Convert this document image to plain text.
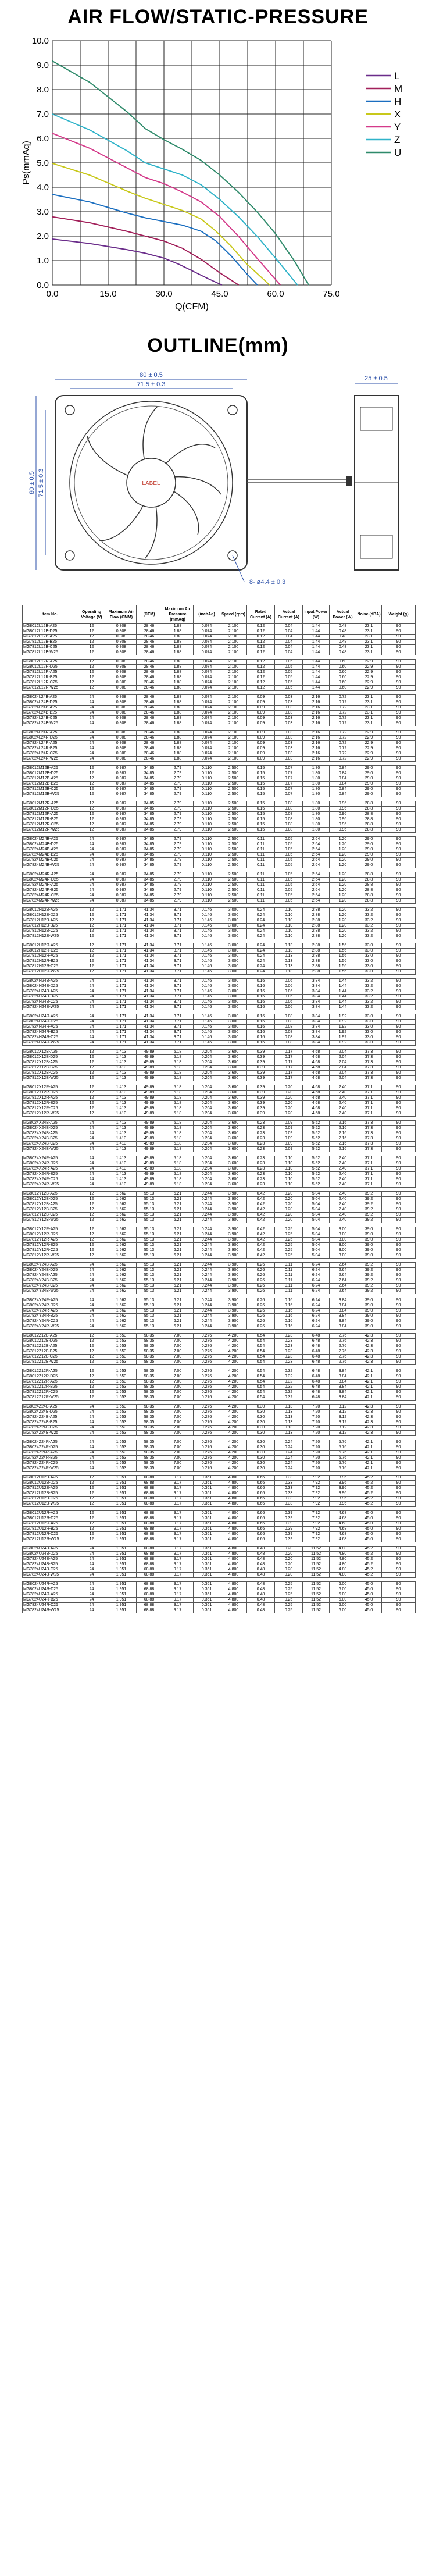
AIR FLOW/STATIC-PRESSURE
0.0
1.0
2.0
3.0
4.0
5.0
6.0
7.0
8.0
9.0
10.0
0.0	15.0	30.0	45.0	60.0	75.0
Q(CFM)
Ps(mmAq)
L
M
H
X
Y
Z
U
OUTLINE(mm)
LABEL
80 ± 0.5
71.5 ± 0.3
80 ± 0.5 71.5 ± 0.3
8- ø4.4 ± 0.3
25 ± 0.5
Item No.	Operating Voltage (V)	Maximum Air Flow (CMM)	(CFM)	Maximum Air Pressure (mmAq)	(inchAq)	Speed (rpm)	Rated Current (A)	Actual Current (A)	Input Power (W)	Actual Power (W)	Noise (dBA)	Weight (g)
MG8012L12B-A25	12	0.808	28.46	1.88	0.074	2,100	0.12	0.04	1.44	0.48	23.1	90
MG8012L12B-D25	12	0.808	28.46	1.88	0.074	2,100	0.12	0.04	1.44	0.48	23.1	90
MG7812L12B-A25	12	0.808	28.46	1.88	0.074	2,100	0.12	0.04	1.44	0.48	23.1	90
MG7812L12B-B25	12	0.808	28.46	1.88	0.074	2,100	0.12	0.04	1.44	0.48	23.1	90
MG7812L12B-C25	12	0.808	28.46	1.88	0.074	2,100	0.12	0.04	1.44	0.48	23.1	90
MG7812L12B-W25	12	0.808	28.46	1.88	0.074	2,100	0.12	0.04	1.44	0.48	23.1	90

MG8012L12R-A25	12	0.808	28.46	1.88	0.074	2,100	0.12	0.05	1.44	0.60	22.9	90
MG8012L12R-D25	12	0.808	28.46	1.88	0.074	2,100	0.12	0.05	1.44	0.60	22.9	90
MG7812L12R-A25	12	0.808	28.46	1.88	0.074	2,100	0.12	0.05	1.44	0.60	22.9	90
MG7812L12R-B25	12	0.808	28.46	1.88	0.074	2,100	0.12	0.05	1.44	0.60	22.9	90
MG7812L12R-C25	12	0.808	28.46	1.88	0.074	2,100	0.12	0.05	1.44	0.60	22.9	90
MG7812L12R-W25	12	0.808	28.46	1.88	0.074	2,100	0.12	0.05	1.44	0.60	22.9	90

MG8024L24B-A25	24	0.808	28.46	1.88	0.074	2,100	0.09	0.03	2.16	0.72	23.1	90
MG8024L24B-D25	24	0.808	28.46	1.88	0.074	2,100	0.09	0.03	2.16	0.72	23.1	90
MG7824L24B-A25	24	0.808	28.46	1.88	0.074	2,100	0.09	0.03	2.16	0.72	23.1	90
MG7824L24B-B25	24	0.808	28.46	1.88	0.074	2,100	0.09	0.03	2.16	0.72	23.1	90
MG7824L24B-C25	24	0.808	28.46	1.88	0.074	2,100	0.09	0.03	2.16	0.72	23.1	90
MG7824L24B-W25	24	0.808	28.46	1.88	0.074	2,100	0.09	0.03	2.16	0.72	23.1	90

MG8024L24R-A25	24	0.808	28.46	1.88	0.074	2,100	0.09	0.03	2.16	0.72	22.9	90
MG8024L24R-D25	24	0.808	28.46	1.88	0.074	2,100	0.09	0.03	2.16	0.72	22.9	90
MG7824L24R-A25	24	0.808	28.46	1.88	0.074	2,100	0.09	0.03	2.16	0.72	22.9	90
MG7824L24R-B25	24	0.808	28.46	1.88	0.074	2,100	0.09	0.03	2.16	0.72	22.9	90
MG7824L24R-C25	24	0.808	28.46	1.88	0.074	2,100	0.09	0.03	2.16	0.72	22.9	90
MG7824L24R-W25	24	0.808	28.46	1.88	0.074	2,100	0.09	0.03	2.16	0.72	22.9	90

MG8012M12B-A25	12	0.987	34.85	2.79	0.110	2,500	0.15	0.07	1.80	0.84	29.0	90
MG8012M12B-D25	12	0.987	34.85	2.79	0.110	2,500	0.15	0.07	1.80	0.84	29.0	90
MG7812M12B-A25	12	0.987	34.85	2.79	0.110	2,500	0.15	0.07	1.80	0.84	29.0	90
MG7812M12B-B25	12	0.987	34.85	2.79	0.110	2,500	0.15	0.07	1.80	0.84	29.0	90
MG7812M12B-C25	12	0.987	34.85	2.79	0.110	2,500	0.15	0.07	1.80	0.84	29.0	90
MG7812M12B-W25	12	0.987	34.85	2.79	0.110	2,500	0.15	0.07	1.80	0.84	29.0	90

MG8012M12R-A25	12	0.987	34.85	2.79	0.110	2,500	0.15	0.08	1.80	0.96	28.8	90
MG8012M12R-D25	12	0.987	34.85	2.79	0.110	2,500	0.15	0.08	1.80	0.96	28.8	90
MG7812M12R-A25	12	0.987	34.85	2.79	0.110	2,500	0.15	0.08	1.80	0.96	28.8	90
MG7812M12R-B25	12	0.987	34.85	2.79	0.110	2,500	0.15	0.08	1.80	0.96	28.8	90
MG7812M12R-C25	12	0.987	34.85	2.79	0.110	2,500	0.15	0.08	1.80	0.96	28.8	90
MG7812M12R-W25	12	0.987	34.85	2.79	0.110	2,500	0.15	0.08	1.80	0.96	28.8	90

MG8024M24B-A25	24	0.987	34.85	2.79	0.110	2,500	0.11	0.05	2.64	1.20	29.0	90
MG8024M24B-D25	24	0.987	34.85	2.79	0.110	2,500	0.11	0.05	2.64	1.20	29.0	90
MG7824M24B-A25	24	0.987	34.85	2.79	0.110	2,500	0.11	0.05	2.64	1.20	29.0	90
MG7824M24B-B25	24	0.987	34.85	2.79	0.110	2,500	0.11	0.05	2.64	1.20	29.0	90
MG7824M24B-C25	24	0.987	34.85	2.79	0.110	2,500	0.11	0.05	2.64	1.20	29.0	90
MG7824M24B-W25	24	0.987	34.85	2.79	0.110	2,500	0.11	0.05	2.64	1.20	29.0	90

MG8024M24R-A25	24	0.987	34.85	2.79	0.110	2,500	0.11	0.05	2.64	1.20	28.8	90
MG8024M24R-D25	24	0.987	34.85	2.79	0.110	2,500	0.11	0.05	2.64	1.20	28.8	90
MG7824M24R-A25	24	0.987	34.85	2.79	0.110	2,500	0.11	0.05	2.64	1.20	28.8	90
MG7824M24R-B25	24	0.987	34.85	2.79	0.110	2,500	0.11	0.05	2.64	1.20	28.8	90
MG7824M24R-C25	24	0.987	34.85	2.79	0.110	2,500	0.11	0.05	2.64	1.20	28.8	90
MG7824M24R-W25	24	0.987	34.85	2.79	0.110	2,500	0.11	0.05	2.64	1.20	28.8	90

MG8012H12B-A25	12	1.171	41.34	3.71	0.146	3,000	0.24	0.10	2.88	1.20	33.2	90
MG8012H12B-D25	12	1.171	41.34	3.71	0.146	3,000	0.24	0.10	2.88	1.20	33.2	90
MG7812H12B-A25	12	1.171	41.34	3.71	0.146	3,000	0.24	0.10	2.88	1.20	33.2	90
MG7812H12B-B25	12	1.171	41.34	3.71	0.146	3,000	0.24	0.10	2.88	1.20	33.2	90
MG7812H12B-C25	12	1.171	41.34	3.71	0.146	3,000	0.24	0.10	2.88	1.20	33.2	90
MG7812H12B-W25	12	1.171	41.34	3.71	0.146	3,000	0.24	0.10	2.88	1.20	33.2	90

MG8012H12R-A25	12	1.171	41.34	3.71	0.146	3,000	0.24	0.13	2.88	1.56	33.0	90
MG8012H12R-D25	12	1.171	41.34	3.71	0.146	3,000	0.24	0.13	2.88	1.56	33.0	90
MG7812H12R-A25	12	1.171	41.34	3.71	0.146	3,000	0.24	0.13	2.88	1.56	33.0	90
MG7812H12R-B25	12	1.171	41.34	3.71	0.146	3,000	0.24	0.13	2.88	1.56	33.0	90
MG7812H12R-C25	12	1.171	41.34	3.71	0.146	3,000	0.24	0.13	2.88	1.56	33.0	90
MG7812H12R-W25	12	1.171	41.34	3.71	0.146	3,000	0.24	0.13	2.88	1.56	33.0	90

MG8024H24B-A25	24	1.171	41.34	3.71	0.146	3,000	0.16	0.06	3.84	1.44	33.2	90
MG8024H24B-D25	24	1.171	41.34	3.71	0.146	3,000	0.16	0.06	3.84	1.44	33.2	90
MG7824H24B-A25	24	1.171	41.34	3.71	0.146	3,000	0.16	0.06	3.84	1.44	33.2	90
MG7824H24B-B25	24	1.171	41.34	3.71	0.146	3,000	0.16	0.06	3.84	1.44	33.2	90
MG7824H24B-C25	24	1.171	41.34	3.71	0.146	3,000	0.16	0.06	3.84	1.44	33.2	90
MG7824H24B-W25	24	1.171	41.34	3.71	0.146	3,000	0.16	0.06	3.84	1.44	33.2	90

MG8024H24R-A25	24	1.171	41.34	3.71	0.146	3,000	0.16	0.08	3.84	1.92	33.0	90
MG8024H24R-D25	24	1.171	41.34	3.71	0.146	3,000	0.16	0.08	3.84	1.92	33.0	90
MG7824H24R-A25	24	1.171	41.34	3.71	0.146	3,000	0.16	0.08	3.84	1.92	33.0	90
MG7824H24R-B25	24	1.171	41.34	3.71	0.146	3,000	0.16	0.08	3.84	1.92	33.0	90
MG7824H24R-C25	24	1.171	41.34	3.71	0.146	3,000	0.16	0.08	3.84	1.92	33.0	90
MG7824H24R-W25	24	1.171	41.34	3.71	0.146	3,000	0.16	0.08	3.84	1.92	33.0	90

MG8012X12B-A25	12	1.413	49.89	5.18	0.204	3,600	0.39	0.17	4.68	2.04	37.3	90
MG8012X12B-D25	12	1.413	49.89	5.18	0.204	3,600	0.39	0.17	4.68	2.04	37.3	90
MG7812X12B-A25	12	1.413	49.89	5.18	0.204	3,600	0.39	0.17	4.68	2.04	37.3	90
MG7812X12B-B25	12	1.413	49.89	5.18	0.204	3,600	0.39	0.17	4.68	2.04	37.3	90
MG7812X12B-C25	12	1.413	49.89	5.18	0.204	3,600	0.39	0.17	4.68	2.04	37.3	90
MG7812X12B-W25	12	1.413	49.89	5.18	0.204	3,600	0.39	0.17	4.68	2.04	37.3	90

MG8012X12R-A25	12	1.413	49.89	5.18	0.204	3,600	0.39	0.20	4.68	2.40	37.1	90
MG8012X12R-D25	12	1.413	49.89	5.18	0.204	3,600	0.39	0.20	4.68	2.40	37.1	90
MG7812X12R-A25	12	1.413	49.89	5.18	0.204	3,600	0.39	0.20	4.68	2.40	37.1	90
MG7812X12R-B25	12	1.413	49.89	5.18	0.204	3,600	0.39	0.20	4.68	2.40	37.1	90
MG7812X12R-C25	12	1.413	49.89	5.18	0.204	3,600	0.39	0.20	4.68	2.40	37.1	90
MG7812X12R-W25	12	1.413	49.89	5.18	0.204	3,600	0.39	0.20	4.68	2.40	37.1	90

MG8024X24B-A25	24	1.413	49.89	5.18	0.204	3,600	0.23	0.09	5.52	2.16	37.3	90
MG8024X24B-D25	24	1.413	49.89	5.18	0.204	3,600	0.23	0.09	5.52	2.16	37.3	90
MG7824X24B-A25	24	1.413	49.89	5.18	0.204	3,600	0.23	0.09	5.52	2.16	37.3	90
MG7824X24B-B25	24	1.413	49.89	5.18	0.204	3,600	0.23	0.09	5.52	2.16	37.3	90
MG7824X24B-C25	24	1.413	49.89	5.18	0.204	3,600	0.23	0.09	5.52	2.16	37.3	90
MG7824X24B-W25	24	1.413	49.89	5.18	0.204	3,600	0.23	0.09	5.52	2.16	37.3	90

MG8024X24R-A25	24	1.413	49.89	5.18	0.204	3,600	0.23	0.10	5.52	2.40	37.1	90
MG8024X24R-D25	24	1.413	49.89	5.18	0.204	3,600	0.23	0.10	5.52	2.40	37.1	90
MG7824X24R-A25	24	1.413	49.89	5.18	0.204	3,600	0.23	0.10	5.52	2.40	37.1	90
MG7824X24R-B25	24	1.413	49.89	5.18	0.204	3,600	0.23	0.10	5.52	2.40	37.1	90
MG7824X24R-C25	24	1.413	49.89	5.18	0.204	3,600	0.23	0.10	5.52	2.40	37.1	90
MG7824X24R-W25	24	1.413	49.89	5.18	0.204	3,600	0.23	0.10	5.52	2.40	37.1	90

MG8012Y12B-A25	12	1.562	55.13	6.21	0.244	3,900	0.42	0.20	5.04	2.40	39.2	90
MG8012Y12B-D25	12	1.562	55.13	6.21	0.244	3,900	0.42	0.20	5.04	2.40	39.2	90
MG7812Y12B-A25	12	1.562	55.13	6.21	0.244	3,900	0.42	0.20	5.04	2.40	39.2	90
MG7812Y12B-B25	12	1.562	55.13	6.21	0.244	3,900	0.42	0.20	5.04	2.40	39.2	90
MG7812Y12B-C25	12	1.562	55.13	6.21	0.244	3,900	0.42	0.20	5.04	2.40	39.2	90
MG7812Y12B-W25	12	1.562	55.13	6.21	0.244	3,900	0.42	0.20	5.04	2.40	39.2	90

MG8012Y12R-A25	12	1.562	55.13	6.21	0.244	3,900	0.42	0.25	5.04	3.00	39.0	90
MG8012Y12R-D25	12	1.562	55.13	6.21	0.244	3,900	0.42	0.25	5.04	3.00	39.0	90
MG7812Y12R-A25	12	1.562	55.13	6.21	0.244	3,900	0.42	0.25	5.04	3.00	39.0	90
MG7812Y12R-B25	12	1.562	55.13	6.21	0.244	3,900	0.42	0.25	5.04	3.00	39.0	90
MG7812Y12R-C25	12	1.562	55.13	6.21	0.244	3,900	0.42	0.25	5.04	3.00	39.0	90
MG7812Y12R-W25	12	1.562	55.13	6.21	0.244	3,900	0.42	0.25	5.04	3.00	39.0	90

MG8024Y24B-A25	24	1.562	55.13	6.21	0.244	3,900	0.26	0.11	6.24	2.64	39.2	90
MG8024Y24B-D25	24	1.562	55.13	6.21	0.244	3,900	0.26	0.11	6.24	2.64	39.2	90
MG7824Y24B-A25	24	1.562	55.13	6.21	0.244	3,900	0.26	0.11	6.24	2.64	39.2	90
MG7824Y24B-B25	24	1.562	55.13	6.21	0.244	3,900	0.26	0.11	6.24	2.64	39.2	90
MG7824Y24B-C25	24	1.562	55.13	6.21	0.244	3,900	0.26	0.11	6.24	2.64	39.2	90
MG7824Y24B-W25	24	1.562	55.13	6.21	0.244	3,900	0.26	0.11	6.24	2.64	39.2	90

MG8024Y24R-A25	24	1.562	55.13	6.21	0.244	3,900	0.26	0.16	6.24	3.84	39.0	90
MG8024Y24R-D25	24	1.562	55.13	6.21	0.244	3,900	0.26	0.16	6.24	3.84	39.0	90
MG7824Y24R-A25	24	1.562	55.13	6.21	0.244	3,900	0.26	0.16	6.24	3.84	39.0	90
MG7824Y24R-B25	24	1.562	55.13	6.21	0.244	3,900	0.26	0.16	6.24	3.84	39.0	90
MG7824Y24R-C25	24	1.562	55.13	6.21	0.244	3,900	0.26	0.16	6.24	3.84	39.0	90
MG7824Y24R-W25	24	1.562	55.13	6.21	0.244	3,900	0.26	0.16	6.24	3.84	39.0	90

MG8012Z12B-A25	12	1.653	58.35	7.00	0.276	4,200	0.54	0.23	6.48	2.76	42.3	90
MG8012Z12B-D25	12	1.653	58.35	7.00	0.276	4,200	0.54	0.23	6.48	2.76	42.3	90
MG7812Z12B-A25	12	1.653	58.35	7.00	0.276	4,200	0.54	0.23	6.48	2.76	42.3	90
MG7812Z12B-B25	12	1.653	58.35	7.00	0.276	4,200	0.54	0.23	6.48	2.76	42.3	90
MG7812Z12B-C25	12	1.653	58.35	7.00	0.276	4,200	0.54	0.23	6.48	2.76	42.3	90
MG7812Z12B-W25	12	1.653	58.35	7.00	0.276	4,200	0.54	0.23	6.48	2.76	42.3	90

MG8012Z12R-A25	12	1.653	58.35	7.00	0.276	4,200	0.54	0.32	6.48	3.84	42.1	90
MG8012Z12R-D25	12	1.653	58.35	7.00	0.276	4,200	0.54	0.32	6.48	3.84	42.1	90
MG7812Z12R-A25	12	1.653	58.35	7.00	0.276	4,200	0.54	0.32	6.48	3.84	42.1	90
MG7812Z12R-B25	12	1.653	58.35	7.00	0.276	4,200	0.54	0.32	6.48	3.84	42.1	90
MG7812Z12R-C25	12	1.653	58.35	7.00	0.276	4,200	0.54	0.32	6.48	3.84	42.1	90
MG7812Z12R-W25	12	1.653	58.35	7.00	0.276	4,200	0.54	0.32	6.48	3.84	42.1	90

MG8024Z24B-A25	24	1.653	58.35	7.00	0.276	4,200	0.30	0.13	7.20	3.12	42.3	90
MG8024Z24B-D25	24	1.653	58.35	7.00	0.276	4,200	0.30	0.13	7.20	3.12	42.3	90
MG7824Z24B-A25	24	1.653	58.35	7.00	0.276	4,200	0.30	0.13	7.20	3.12	42.3	90
MG7824Z24B-B25	24	1.653	58.35	7.00	0.276	4,200	0.30	0.13	7.20	3.12	42.3	90
MG7824Z24B-C25	24	1.653	58.35	7.00	0.276	4,200	0.30	0.13	7.20	3.12	42.3	90
MG7824Z24B-W25	24	1.653	58.35	7.00	0.276	4,200	0.30	0.13	7.20	3.12	42.3	90

MG8024Z24R-A25	24	1.653	58.35	7.00	0.276	4,200	0.30	0.24	7.20	5.76	42.1	90
MG8024Z24R-D25	24	1.653	58.35	7.00	0.276	4,200	0.30	0.24	7.20	5.76	42.1	90
MG7824Z24R-A25	24	1.653	58.35	7.00	0.276	4,200	0.30	0.24	7.20	5.76	42.1	90
MG7824Z24R-B25	24	1.653	58.35	7.00	0.276	4,200	0.30	0.24	7.20	5.76	42.1	90
MG7824Z24R-C25	24	1.653	58.35	7.00	0.276	4,200	0.30	0.24	7.20	5.76	42.1	90
MG7824Z24R-W25	24	1.653	58.35	7.00	0.276	4,200	0.30	0.24	7.20	5.76	42.1	90

MG8012U12B-A25	12	1.951	68.88	9.17	0.361	4,800	0.66	0.33	7.92	3.96	45.2	90
MG8012U12B-D25	12	1.951	68.88	9.17	0.361	4,800	0.66	0.33	7.92	3.96	45.2	90
MG7812U12B-A25	12	1.951	68.88	9.17	0.361	4,800	0.66	0.33	7.92	3.96	45.2	90
MG7812U12B-B25	12	1.951	68.88	9.17	0.361	4,800	0.66	0.33	7.92	3.96	45.2	90
MG7812U12B-C25	12	1.951	68.88	9.17	0.361	4,800	0.66	0.33	7.92	3.96	45.2	90
MG7812U12B-W25	12	1.951	68.88	9.17	0.361	4,800	0.66	0.33	7.92	3.96	45.2	90

MG8012U12R-A25	12	1.951	68.88	9.17	0.361	4,800	0.66	0.39	7.92	4.68	45.0	90
MG8012U12R-D25	12	1.951	68.88	9.17	0.361	4,800	0.66	0.39	7.92	4.68	45.0	90
MG7812U12R-A25	12	1.951	68.88	9.17	0.361	4,800	0.66	0.39	7.92	4.68	45.0	90
MG7812U12R-B25	12	1.951	68.88	9.17	0.361	4,800	0.66	0.39	7.92	4.68	45.0	90
MG7812U12R-C25	12	1.951	68.88	9.17	0.361	4,800	0.66	0.39	7.92	4.68	45.0	90
MG7812U12R-W25	12	1.951	68.88	9.17	0.361	4,800	0.66	0.39	7.92	4.68	45.0	90

MG8024U24B-A25	24	1.951	68.88	9.17	0.361	4,800	0.48	0.20	11.52	4.80	45.2	90
MG8024U24B-D25	24	1.951	68.88	9.17	0.361	4,800	0.48	0.20	11.52	4.80	45.2	90
MG7824U24B-A25	24	1.951	68.88	9.17	0.361	4,800	0.48	0.20	11.52	4.80	45.2	90
MG7824U24B-B25	24	1.951	68.88	9.17	0.361	4,800	0.48	0.20	11.52	4.80	45.2	90
MG7824U24B-C25	24	1.951	68.88	9.17	0.361	4,800	0.48	0.20	11.52	4.80	45.2	90
MG7824U24B-W25	24	1.951	68.88	9.17	0.361	4,800	0.48	0.20	11.52	4.80	45.2	90

MG8024U24R-A25	24	1.951	68.88	9.17	0.361	4,800	0.48	0.25	11.52	6.00	45.0	90
MG8024U24R-D25	24	1.951	68.88	9.17	0.361	4,800	0.48	0.25	11.52	6.00	45.0	90
MG7824U24R-A25	24	1.951	68.88	9.17	0.361	4,800	0.48	0.25	11.52	6.00	45.0	90
MG7824U24R-B25	24	1.951	68.88	9.17	0.361	4,800	0.48	0.25	11.52	6.00	45.0	90
MG7824U24R-C25	24	1.951	68.88	9.17	0.361	4,800	0.48	0.25	11.52	6.00	45.0	90
MG7824U24R-W25	24	1.951	68.88	9.17	0.361	4,800	0.48	0.25	11.52	6.00	45.0	90
